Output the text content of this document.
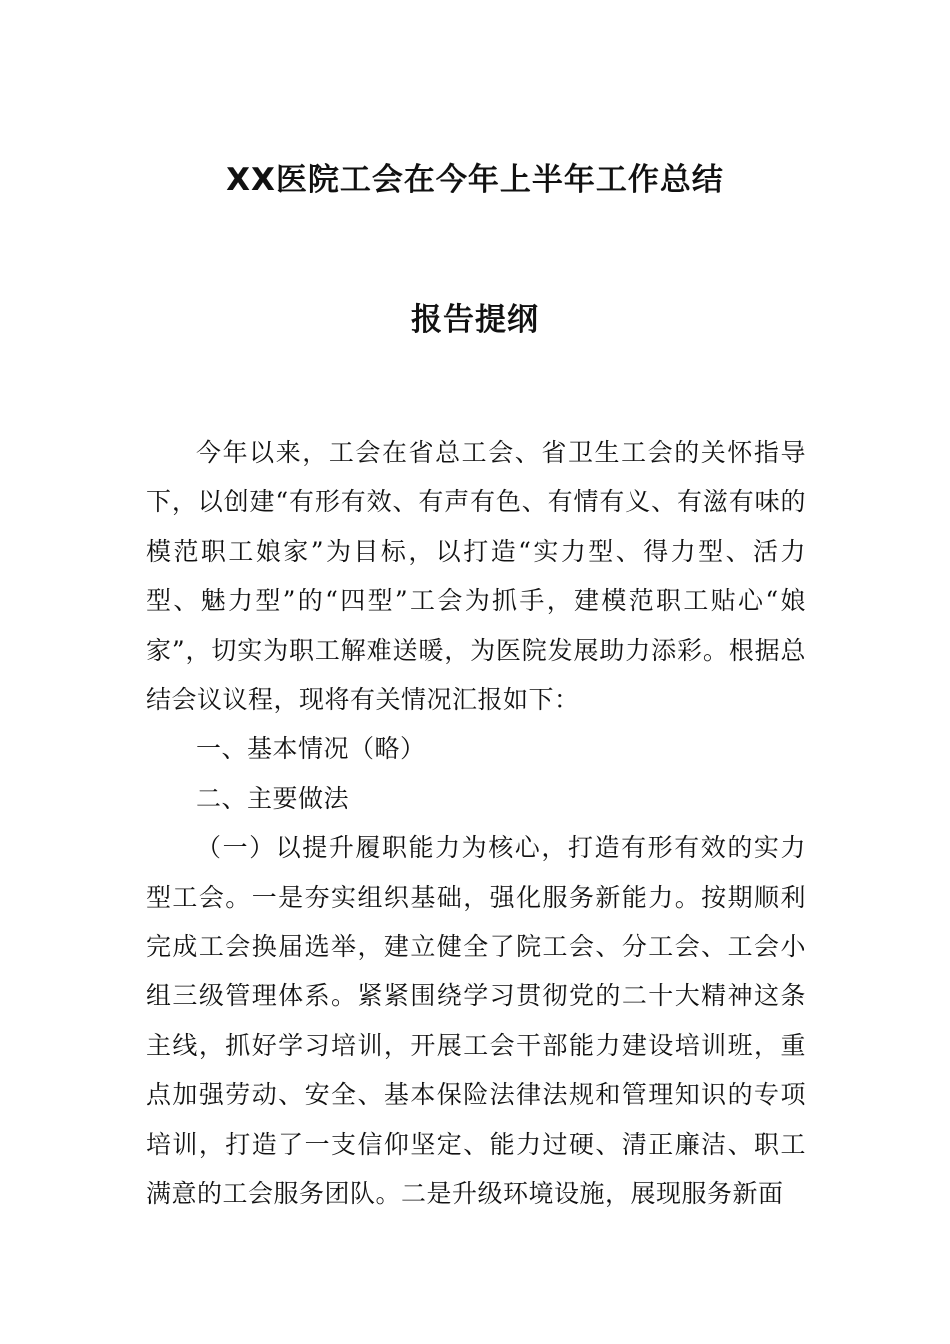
XX医院工会在今年上半年工作总结
报告提纲

今年以来，工会在省总工会、省卫生工会的关怀指导下，以创建“有形有效、有声有色、有情有义、有滋有味的模范职工娘家”为目标，以打造“实力型、得力型、活力型、魅力型”的“四型”工会为抓手，建模范职工贴心“娘家”，切实为职工解难送暖，为医院发展助力添彩。根据总结会议议程，现将有关情况汇报如下：

一、基本情况（略）

二、主要做法

（一）以提升履职能力为核心，打造有形有效的实力型工会。一是夯实组织基础，强化服务新能力。按期顺利完成工会换届选举，建立健全了院工会、分工会、工会小组三级管理体系。紧紧围绕学习贯彻党的二十大精神这条主线，抓好学习培训，开展工会干部能力建设培训班，重点加强劳动、安全、基本保险法律法规和管理知识的专项培训，打造了一支信仰坚定、能力过硬、清正廉洁、职工满意的工会服务团队。二是升级环境设施，展现服务新面
